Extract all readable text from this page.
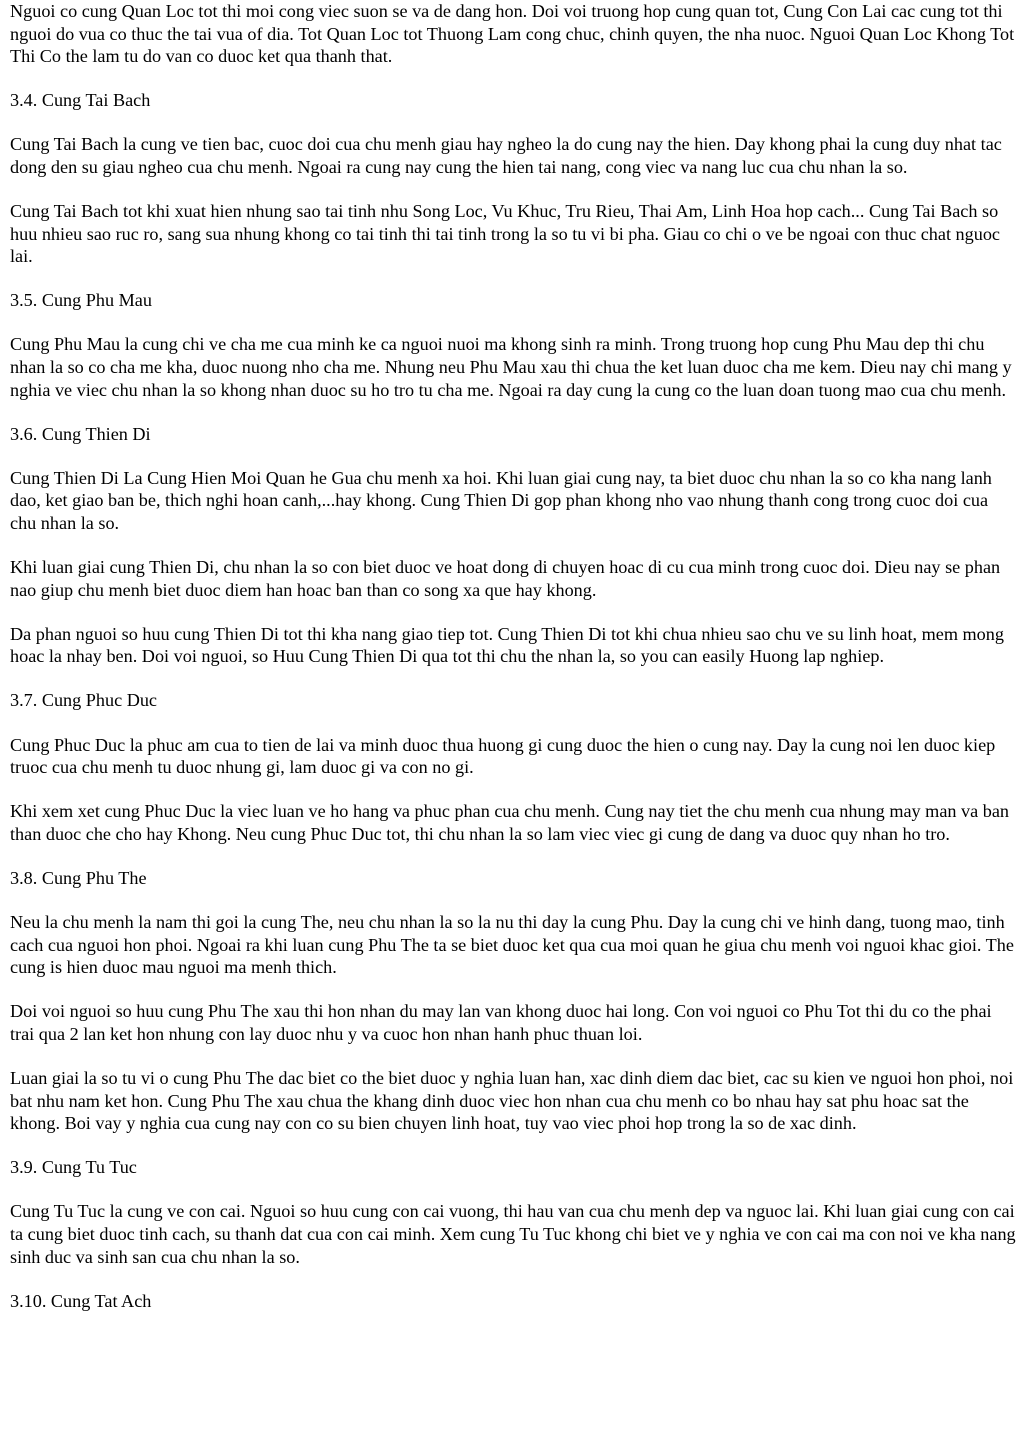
Nguoi co cung Quan Loc tot thi moi cong viec suon se va de dang hon. Doi voi truong hop cung quan tot, Cung Con Lai cac cung tot thi nguoi do vua co thuc the tai vua of dia. Tot Quan Loc tot Thuong Lam cong chuc, chinh quyen, the nha nuoc. Nguoi Quan Loc Khong Tot Thi Co the lam tu do van co duoc ket qua thanh that.

3.4. Cung Tai Bach

Cung Tai Bach la cung ve tien bac, cuoc doi cua chu menh giau hay ngheo la do cung nay the hien. Day khong phai la cung duy nhat tac dong den su giau ngheo cua chu menh. Ngoai ra cung nay cung the hien tai nang, cong viec va nang luc cua chu nhan la so.

Cung Tai Bach tot khi xuat hien nhung sao tai tinh nhu Song Loc, Vu Khuc, Tru Rieu, Thai Am, Linh Hoa hop cach... Cung Tai Bach so huu nhieu sao ruc ro, sang sua nhung khong co tai tinh thi tai tinh trong la so tu vi bi pha. Giau co chi o ve be ngoai con thuc chat nguoc lai.

3.5. Cung Phu Mau

Cung Phu Mau la cung chi ve cha me cua minh ke ca nguoi nuoi ma khong sinh ra minh. Trong truong hop cung Phu Mau dep thi chu nhan la so co cha me kha, duoc nuong nho cha me. Nhung neu Phu Mau xau thi chua the ket luan duoc cha me kem. Dieu nay chi mang y nghia ve viec chu nhan la so khong nhan duoc su ho tro tu cha me. Ngoai ra day cung la cung co the luan doan tuong mao cua chu menh.

3.6. Cung Thien Di

Cung Thien Di La Cung Hien Moi Quan he Gua chu menh xa hoi. Khi luan giai cung nay, ta biet duoc chu nhan la so co kha nang lanh dao, ket giao ban be, thich nghi hoan canh,...hay khong. Cung Thien Di gop phan khong nho vao nhung thanh cong trong cuoc doi cua chu nhan la so.

Khi luan giai cung Thien Di, chu nhan la so con biet duoc ve hoat dong di chuyen hoac di cu cua minh trong cuoc doi. Dieu nay se phan nao giup chu menh biet duoc diem han hoac ban than co song xa que hay khong.

Da phan nguoi so huu cung Thien Di tot thi kha nang giao tiep tot. Cung Thien Di tot khi chua nhieu sao chu ve su linh hoat, mem mong hoac la nhay ben. Doi voi nguoi, so Huu Cung Thien Di qua tot thi chu the nhan la, so you can easily Huong lap nghiep.

3.7. Cung Phuc Duc

Cung Phuc Duc la phuc am cua to tien de lai va minh duoc thua huong gi cung duoc the hien o cung nay. Day la cung noi len duoc kiep truoc cua chu menh tu duoc nhung gi, lam duoc gi va con no gi.

Khi xem xet cung Phuc Duc la viec luan ve ho hang va phuc phan cua chu menh. Cung nay tiet the chu menh cua nhung may man va ban than duoc che cho hay Khong. Neu cung Phuc Duc tot, thi chu nhan la so lam viec viec gi cung de dang va duoc quy nhan ho tro.

3.8. Cung Phu The

Neu la chu menh la nam thi goi la cung The, neu chu nhan la so la nu thi day la cung Phu. Day la cung chi ve hinh dang, tuong mao, tinh cach cua nguoi hon phoi. Ngoai ra khi luan cung Phu The ta se biet duoc ket qua cua moi quan he giua chu menh voi nguoi khac gioi. The cung is hien duoc mau nguoi ma menh thich.

Doi voi nguoi so huu cung Phu The xau thi hon nhan du may lan van khong duoc hai long. Con voi nguoi co Phu Tot thi du co the phai trai qua 2 lan ket hon nhung con lay duoc nhu y va cuoc hon nhan hanh phuc thuan loi.

Luan giai la so tu vi o cung Phu The dac biet co the biet duoc y nghia luan han, xac dinh diem dac biet, cac su kien ve nguoi hon phoi, noi bat nhu nam ket hon. Cung Phu The xau chua the khang dinh duoc viec hon nhan cua chu menh co bo nhau hay sat phu hoac sat the khong. Boi vay y nghia cua cung nay con co su bien chuyen linh hoat, tuy vao viec phoi hop trong la so de xac dinh.

3.9. Cung Tu Tuc

Cung Tu Tuc la cung ve con cai. Nguoi so huu cung con cai vuong, thi hau van cua chu menh dep va nguoc lai. Khi luan giai cung con cai ta cung biet duoc tinh cach, su thanh dat cua con cai minh. Xem cung Tu Tuc khong chi biet ve y nghia ve con cai ma con noi ve kha nang sinh duc va sinh san cua chu nhan la so.

3.10. Cung Tat Ach
